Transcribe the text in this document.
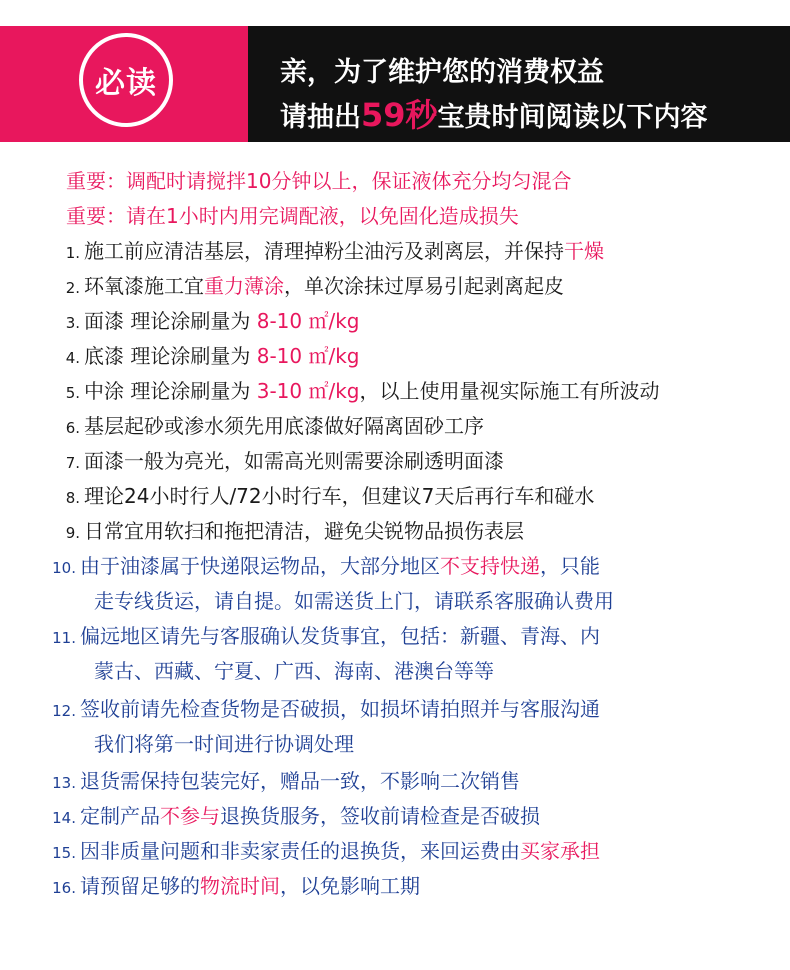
必读	亲，为了维护您的消费权益
请抽出59秒宝贵时间阅读以下内容
重要：调配时请搅拌10分钟以上，保证液体充分均匀混合
重要：请在1小时内用完调配液，以免固化造成损失
1. 施工前应清洁基层，清理掉粉尘油污及剥离层，并保持干燥
2. 环氧漆施工宜重力薄涂，单次涂抹过厚易引起剥离起皮
3. 面漆 理论涂刷量为 8-10 ㎡/kg
4. 底漆 理论涂刷量为 8-10 ㎡/kg
5. 中涂 理论涂刷量为 3-10 ㎡/kg，以上使用量视实际施工有所波动
6. 基层起砂或渗水须先用底漆做好隔离固砂工序
7. 面漆一般为亮光，如需高光则需要涂刷透明面漆
8. 理论24小时行人/72小时行车，但建议7天后再行车和碰水
9. 日常宜用软扫和拖把清洁，避免尖锐物品损伤表层
10. 由于油漆属于快递限运物品，大部分地区不支持快递，只能
走专线货运，请自提。如需送货上门，请联系客服确认费用
11. 偏远地区请先与客服确认发货事宜，包括：新疆、青海、内
蒙古、西藏、宁夏、广西、海南、港澳台等等
12. 签收前请先检查货物是否破损，如损坏请拍照并与客服沟通
我们将第一时间进行协调处理
13. 退货需保持包装完好，赠品一致，不影响二次销售
14. 定制产品不参与退换货服务，签收前请检查是否破损
15. 因非质量问题和非卖家责任的退换货，来回运费由买家承担
16. 请预留足够的物流时间，以免影响工期
